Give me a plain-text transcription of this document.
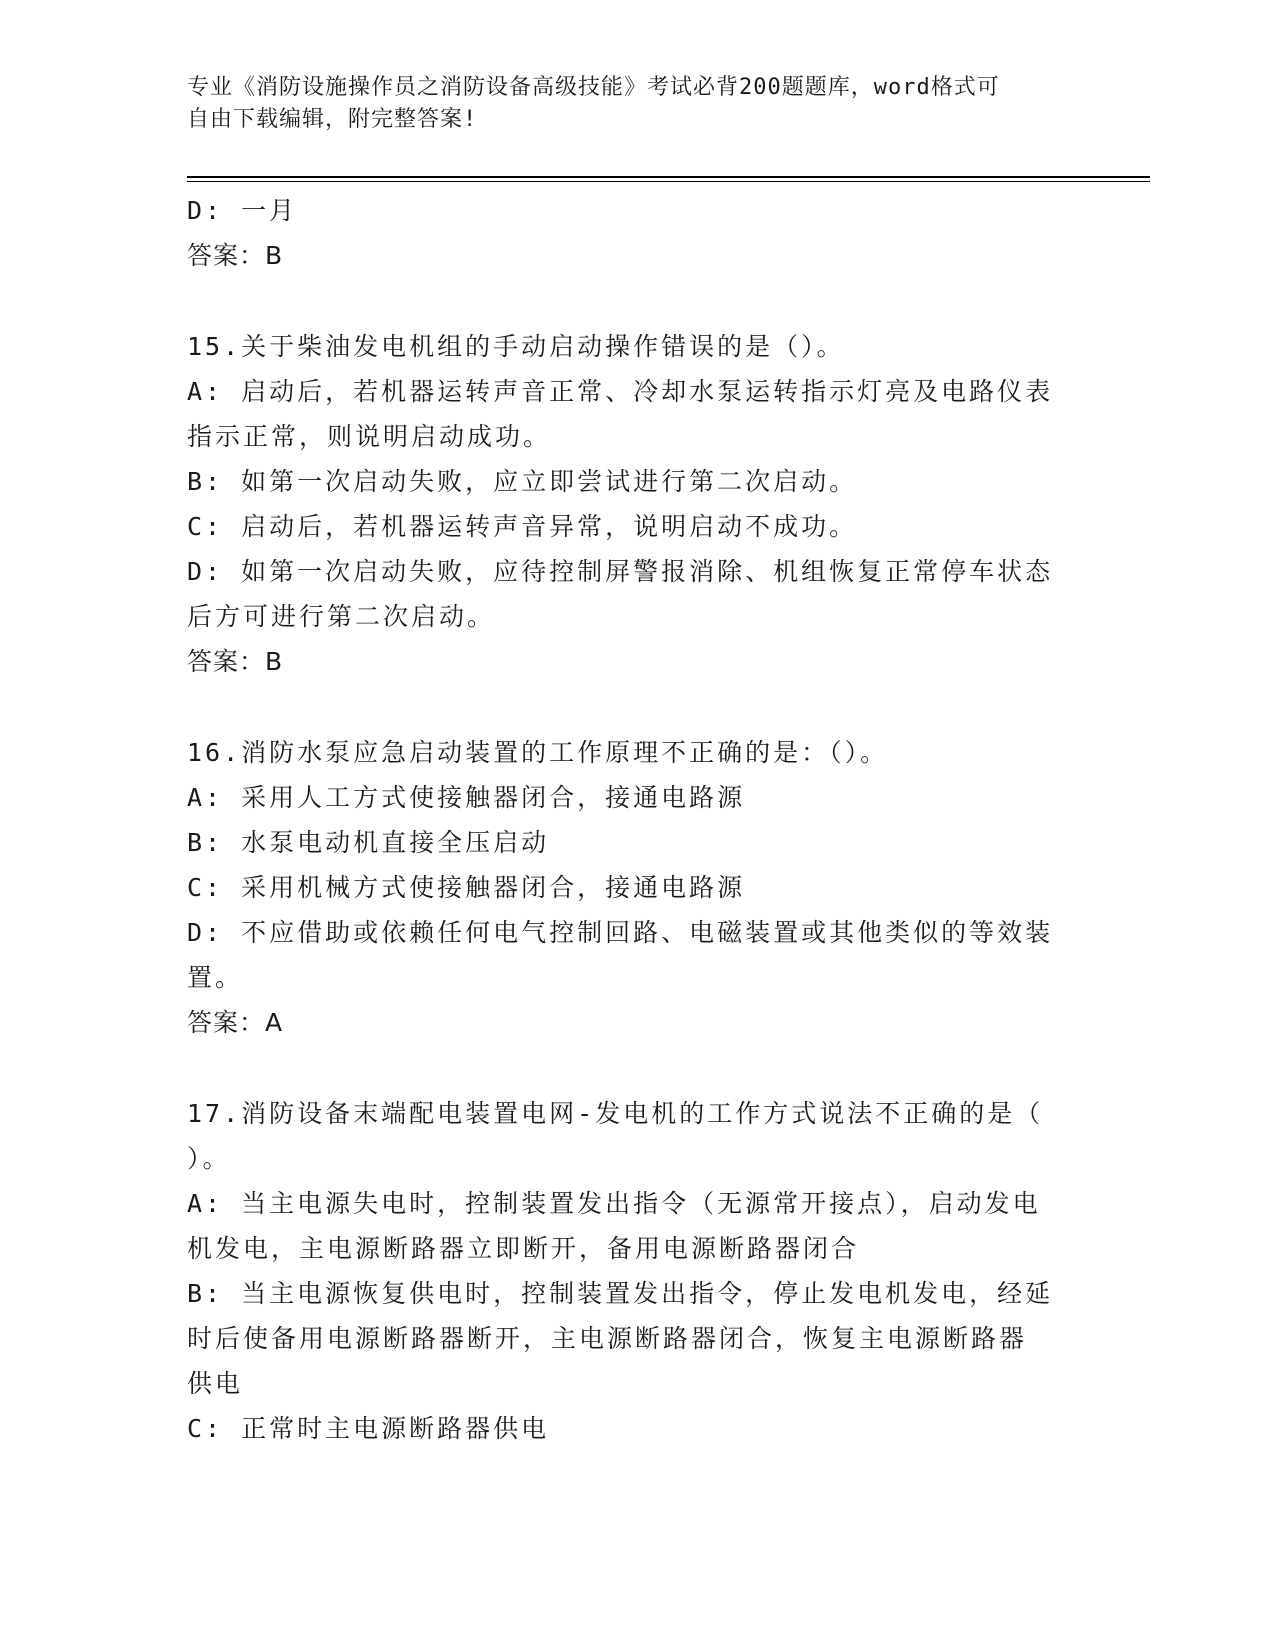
专业《消防设施操作员之消防设备高级技能》考试必背200题题库，word格式可
自由下载编辑，附完整答案!
D: 一月
答案：B
15.关于柴油发电机组的手动启动操作错误的是（）。
A: 启动后，若机器运转声音正常、冷却水泵运转指示灯亮及电路仪表
指示正常，则说明启动成功。
B: 如第一次启动失败，应立即尝试进行第二次启动。
C: 启动后，若机器运转声音异常，说明启动不成功。
D: 如第一次启动失败，应待控制屏警报消除、机组恢复正常停车状态
后方可进行第二次启动。
答案：B
16.消防水泵应急启动装置的工作原理不正确的是：（）。
A: 采用人工方式使接触器闭合，接通电路源
B: 水泵电动机直接全压启动
C: 采用机械方式使接触器闭合，接通电路源
D: 不应借助或依赖任何电气控制回路、电磁装置或其他类似的等效装
置。
答案：A
17.消防设备末端配电装置电网-发电机的工作方式说法不正确的是（
）。
A: 当主电源失电时，控制装置发出指令（无源常开接点），启动发电
机发电，主电源断路器立即断开，备用电源断路器闭合
B: 当主电源恢复供电时，控制装置发出指令，停止发电机发电，经延
时后使备用电源断路器断开，主电源断路器闭合，恢复主电源断路器
供电
C: 正常时主电源断路器供电
